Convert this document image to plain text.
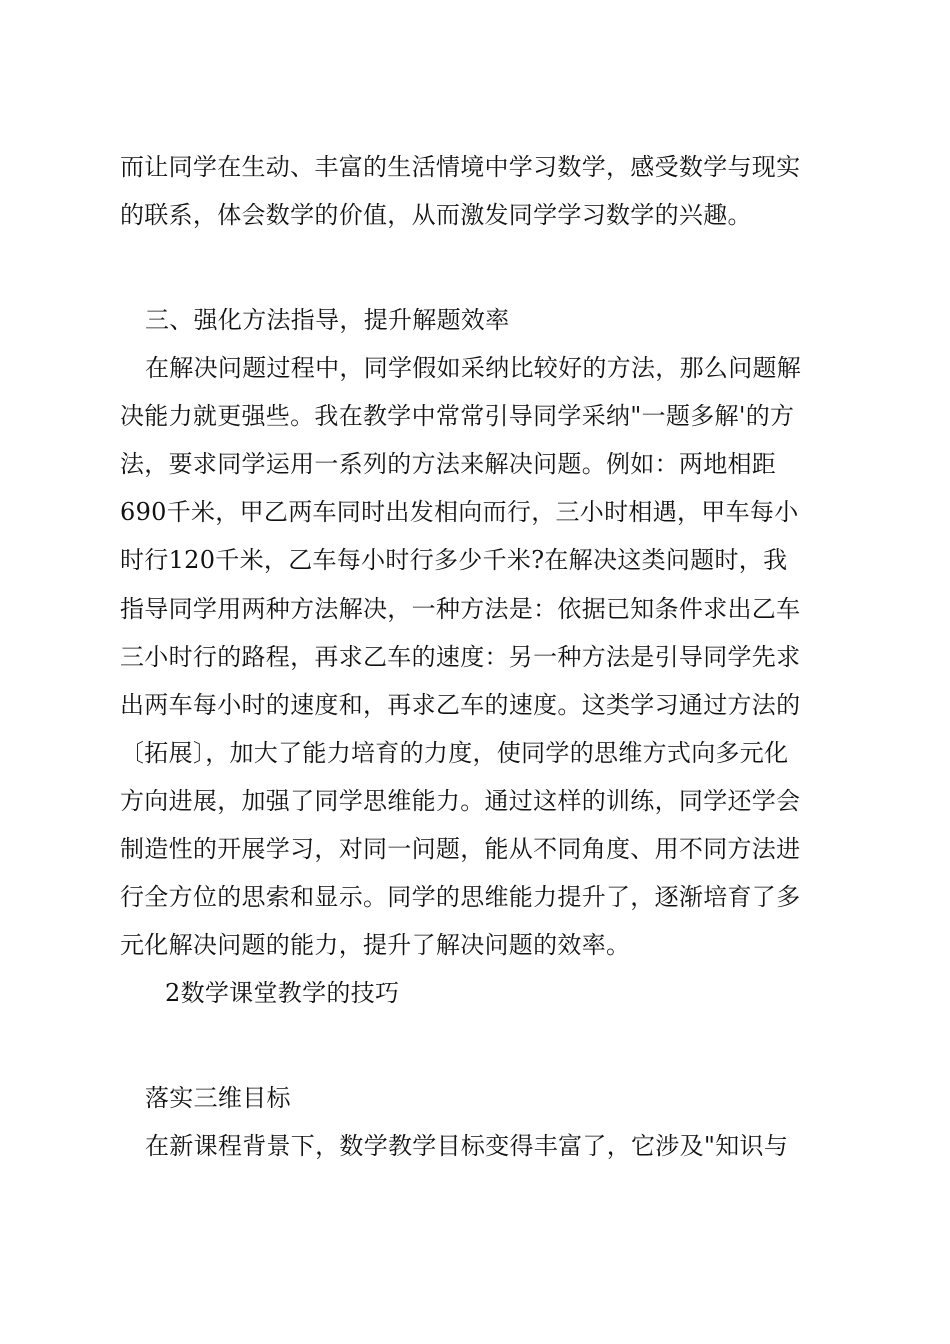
而让同学在生动、丰富的生活情境中学习数学，感受数学与现实
的联系，体会数学的价值，从而激发同学学习数学的兴趣。
三、强化方法指导，提升解题效率
在解决问题过程中，同学假如采纳比较好的方法，那么问题解
决能力就更强些。我在教学中常常引导同学采纳"一题多解'的方
法，要求同学运用一系列的方法来解决问题。例如：两地相距
690千米，甲乙两车同时出发相向而行，三小时相遇，甲车每小
时行120千米，乙车每小时行多少千米?在解决这类问题时，我
指导同学用两种方法解决，一种方法是：依据已知条件求出乙车
三小时行的路程，再求乙车的速度：另一种方法是引导同学先求
出两车每小时的速度和，再求乙车的速度。这类学习通过方法的
〔拓展〕，加大了能力培育的力度，使同学的思维方式向多元化
方向进展，加强了同学思维能力。通过这样的训练，同学还学会
制造性的开展学习，对同一问题，能从不同角度、用不同方法进
行全方位的思索和显示。同学的思维能力提升了，逐渐培育了多
元化解决问题的能力，提升了解决问题的效率。
2数学课堂教学的技巧
落实三维目标
在新课程背景下，数学教学目标变得丰富了，它涉及"知识与
